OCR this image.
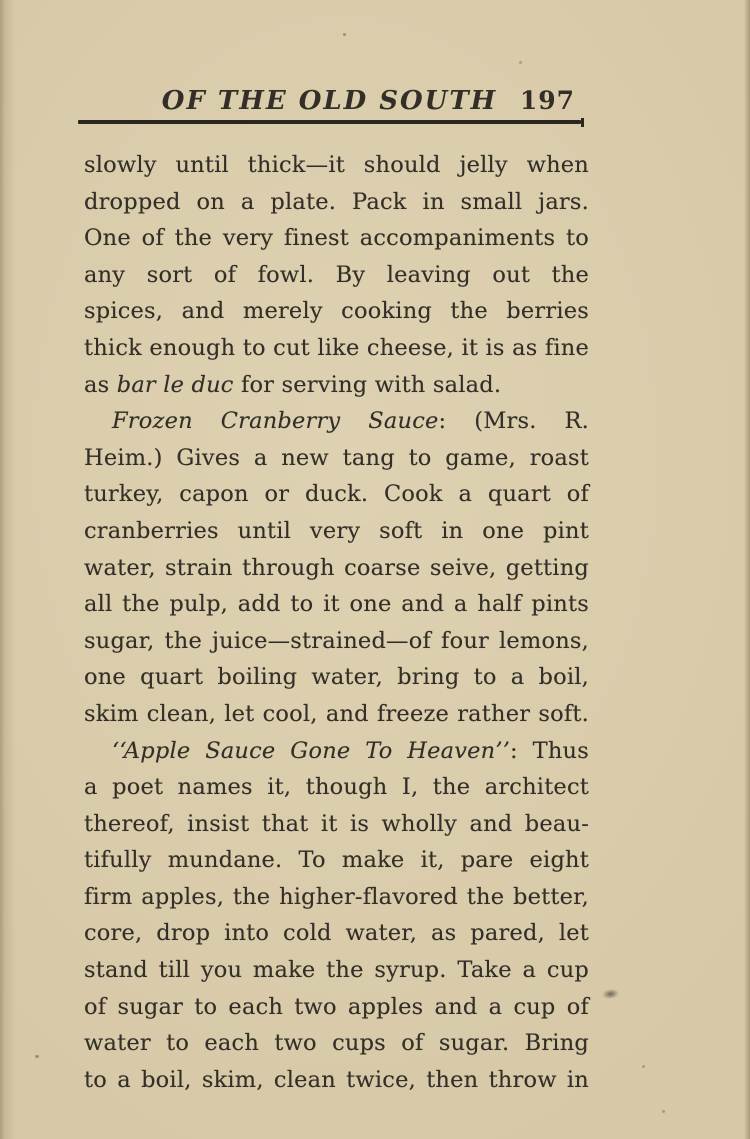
OF THE OLD SOUTH 197
slowly until thick—it should jelly when
dropped on a plate. Pack in small jars.
One of the very finest accompaniments to
any sort of fowl. By leaving out the
spices, and merely cooking the berries
thick enough to cut like cheese, it is as fine
as bar le duc for serving with salad.
Frozen Cranberry Sauce: (Mrs. R.
Heim.) Gives a new tang to game, roast
turkey, capon or duck. Cook a quart of
cranberries until very soft in one pint
water, strain through coarse seive, getting
all the pulp, add to it one and a half pints
sugar, the juice—strained—of four lemons,
one quart boiling water, bring to a boil,
skim clean, let cool, and freeze rather soft.
‘‘Apple Sauce Gone To Heaven’’: Thus
a poet names it, though I, the architect
thereof, insist that it is wholly and beau-
tifully mundane. To make it, pare eight
firm apples, the higher-flavored the better,
core, drop into cold water, as pared, let
stand till you make the syrup. Take a cup
of sugar to each two apples and a cup of
water to each two cups of sugar. Bring
to a boil, skim, clean twice, then throw in
